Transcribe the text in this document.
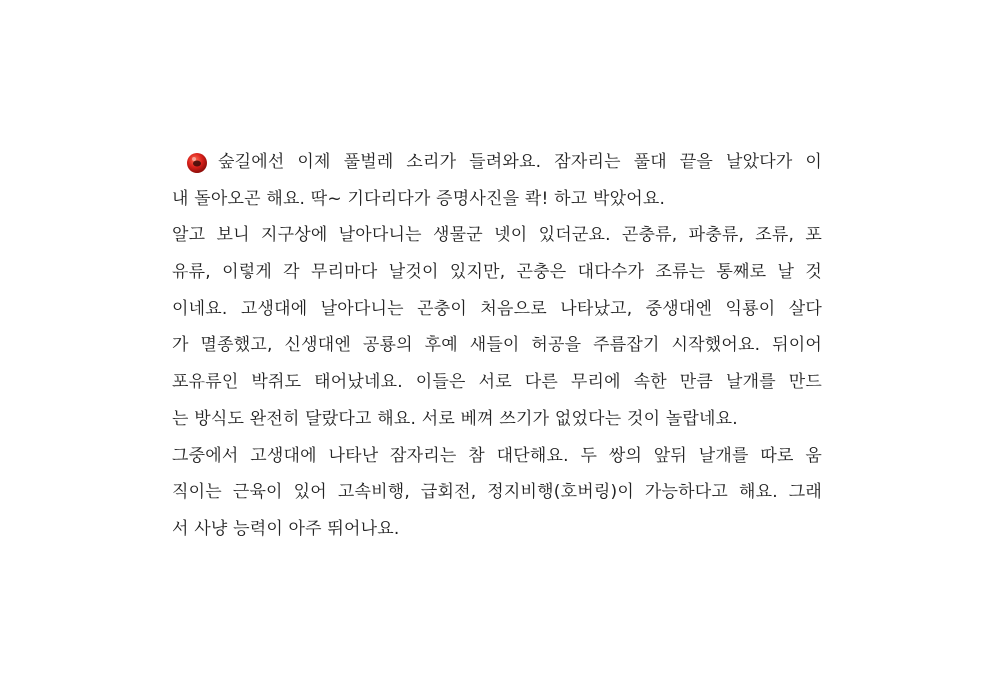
숲길에선 이제 풀벌레 소리가 들려와요. 잠자리는 풀대 끝을 날았다가 이
내 돌아오곤 해요. 딱~ 기다리다가 증명사진을 콱! 하고 박았어요.
알고 보니 지구상에 날아다니는 생물군 넷이 있더군요. 곤충류, 파충류, 조류, 포
유류, 이렇게 각 무리마다 날것이 있지만, 곤충은 대다수가 조류는 통째로 날 것
이네요. 고생대에 날아다니는 곤충이 처음으로 나타났고, 중생대엔 익룡이 살다
가 멸종했고, 신생대엔 공룡의 후예 새들이 허공을 주름잡기 시작했어요. 뒤이어
포유류인 박쥐도 태어났네요. 이들은 서로 다른 무리에 속한 만큼 날개를 만드
는 방식도 완전히 달랐다고 해요. 서로 베껴 쓰기가 없었다는 것이 놀랍네요.
그중에서 고생대에 나타난 잠자리는 참 대단해요. 두 쌍의 앞뒤 날개를 따로 움
직이는 근육이 있어 고속비행, 급회전, 정지비행(호버링)이 가능하다고 해요. 그래
서 사냥 능력이 아주 뛰어나요.
